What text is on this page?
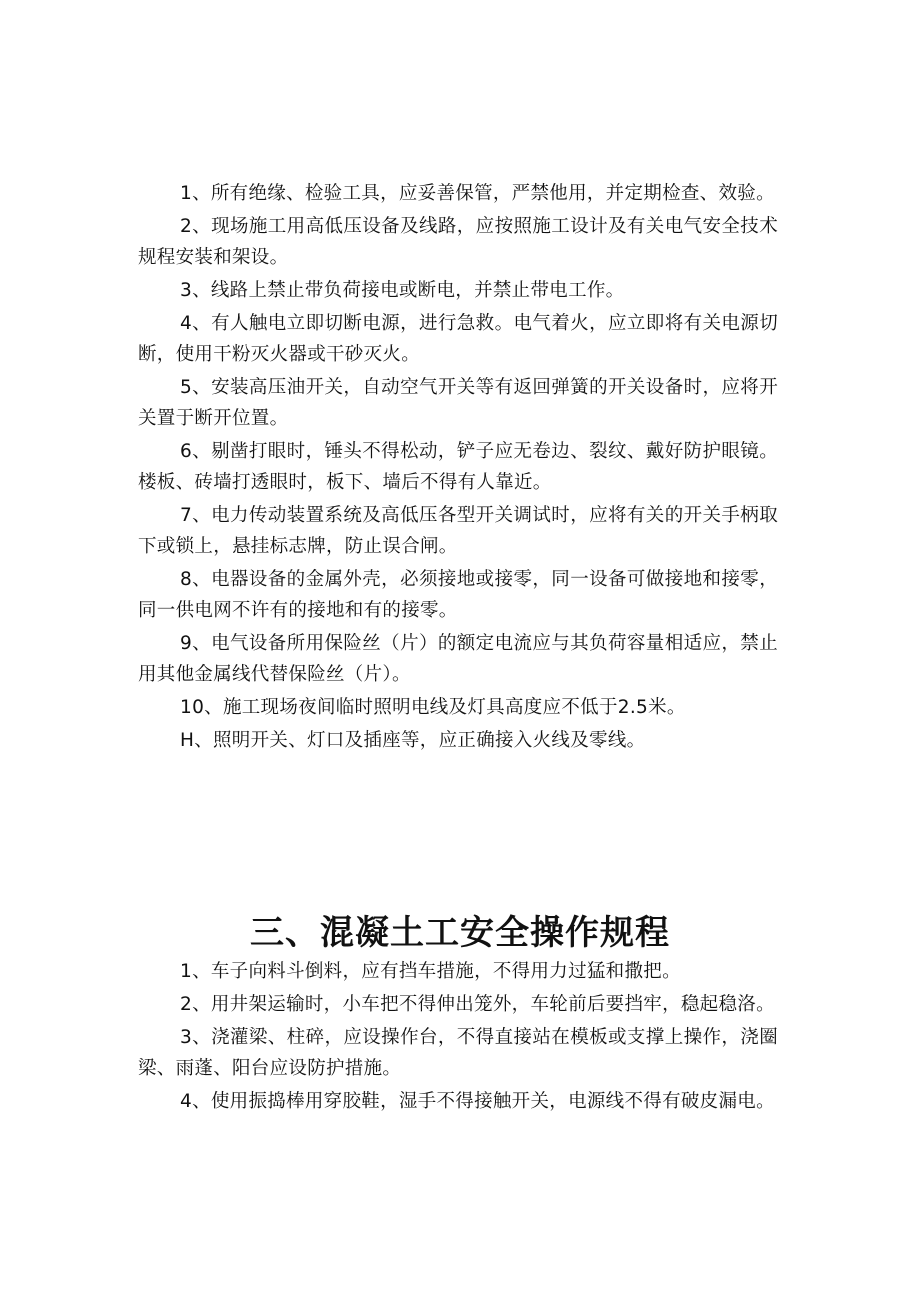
1、所有绝缘、检验工具，应妥善保管，严禁他用，并定期检查、效验。

2、现场施工用高低压设备及线路，应按照施工设计及有关电气安全技术规程安装和架设。

3、线路上禁止带负荷接电或断电，并禁止带电工作。

4、有人触电立即切断电源，进行急救。电气着火，应立即将有关电源切断，使用干粉灭火器或干砂灭火。

5、安装高压油开关，自动空气开关等有返回弹簧的开关设备时，应将开关置于断开位置。

6、剔凿打眼时，锤头不得松动，铲子应无卷边、裂纹、戴好防护眼镜。楼板、砖墙打透眼时，板下、墙后不得有人靠近。

7、电力传动装置系统及高低压各型开关调试时，应将有关的开关手柄取下或锁上，悬挂标志牌，防止误合闸。

8、电器设备的金属外壳，必须接地或接零，同一设备可做接地和接零，同一供电网不许有的接地和有的接零。

9、电气设备所用保险丝（片）的额定电流应与其负荷容量相适应，禁止用其他金属线代替保险丝（片）。

10、施工现场夜间临时照明电线及灯具高度应不低于2.5米。

H、照明开关、灯口及插座等，应正确接入火线及零线。

三、混凝土工安全操作规程

1、车子向料斗倒料，应有挡车措施，不得用力过猛和撒把。

2、用井架运输时，小车把不得伸出笼外，车轮前后要挡牢，稳起稳洛。

3、浇灌梁、柱碎，应设操作台，不得直接站在模板或支撑上操作，浇圈梁、雨蓬、阳台应设防护措施。

4、使用振捣棒用穿胶鞋，湿手不得接触开关，电源线不得有破皮漏电。
